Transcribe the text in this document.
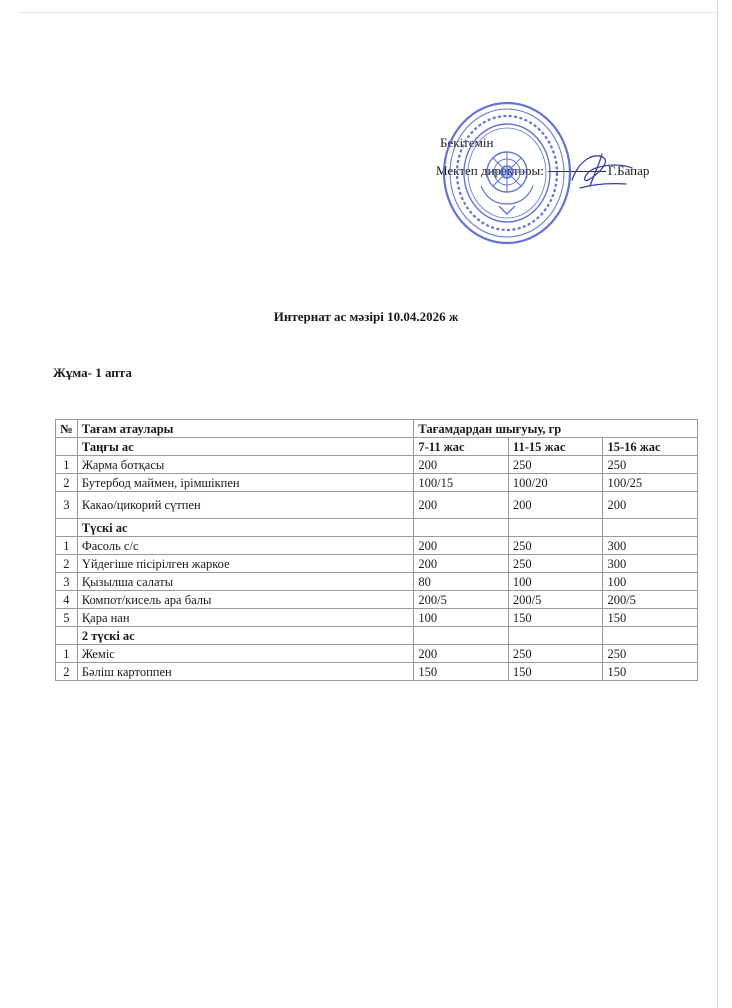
Бекітемін
Мектеп директоры:	Г.Бапар
Интернат ас мәзірі 10.04.2026 ж
Жұма- 1 апта
№	Тағам атаулары	Тағамдардан шығуыу, гр		
	Таңғы ас	7-11 жас	11-15 жас	15-16 жас
1	Жарма ботқасы	200	250	250
2	Бутербод маймен, ірімшікпен	100/15	100/20	100/25
3	Какао/цикорий сүтпен	200	200	200
	Түскі ас			
1	Фасоль с/с	200	250	300
2	Үйдегіше пісірілген жаркое	200	250	300
3	Қызылша салаты	80	100	100
4	Компот/кисель ара балы	200/5	200/5	200/5
5	Қара нан	100	150	150
	2 түскі ас			
1	Жеміс	200	250	250
2	Бәліш картоппен	150	150	150
